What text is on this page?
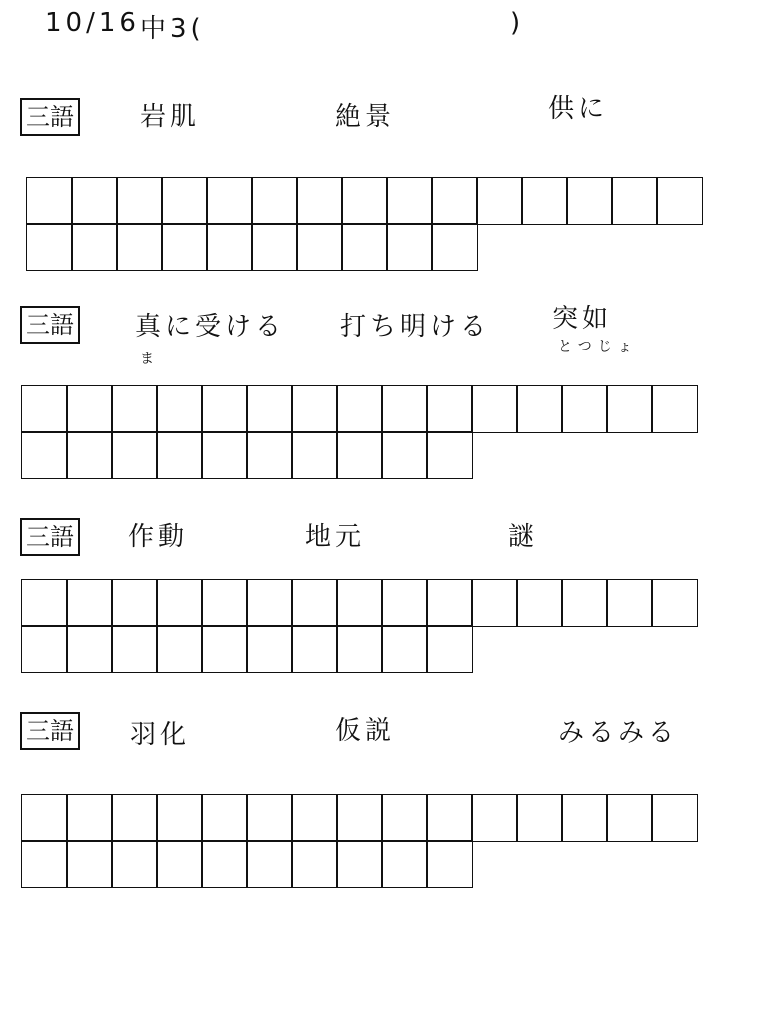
10/16 中3(	)
三語	岩肌	絶景	供に
三語 真に受ける
ま
打ち明ける 突如
とつじょ
三語 作動	地元	謎
三語 羽化	仮説	みるみる
